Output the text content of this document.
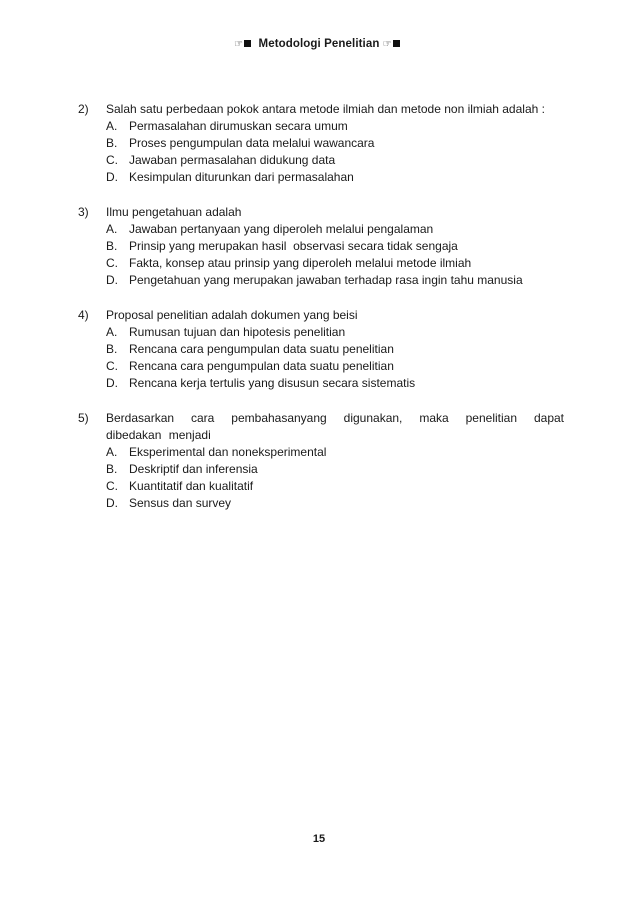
☞ Metodologi Penelitian ☞
2)	Salah satu perbedaan pokok antara metode ilmiah dan metode non ilmiah adalah :
A. Permasalahan dirumuskan secara umum
B. Proses pengumpulan data melalui wawancara
C. Jawaban permasalahan didukung data
D. Kesimpulan diturunkan dari permasalahan
3)	Ilmu pengetahuan adalah
A. Jawaban pertanyaan yang diperoleh melalui pengalaman
B. Prinsip yang merupakan hasil  observasi secara tidak sengaja
C. Fakta, konsep atau prinsip yang diperoleh melalui metode ilmiah
D. Pengetahuan yang merupakan jawaban terhadap rasa ingin tahu manusia
4)	Proposal penelitian adalah dokumen yang beisi
A. Rumusan tujuan dan hipotesis penelitian
B. Rencana cara pengumpulan data suatu penelitian
C. Rencana cara pengumpulan data suatu penelitian
D. Rencana kerja tertulis yang disusun secara sistematis
5)	Berdasarkan cara pembahasanyang digunakan, maka penelitian dapat dibedakan menjadi
A. Eksperimental dan noneksperimental
B. Deskriptif dan inferensia
C. Kuantitatif dan kualitatif
D. Sensus dan survey
15
